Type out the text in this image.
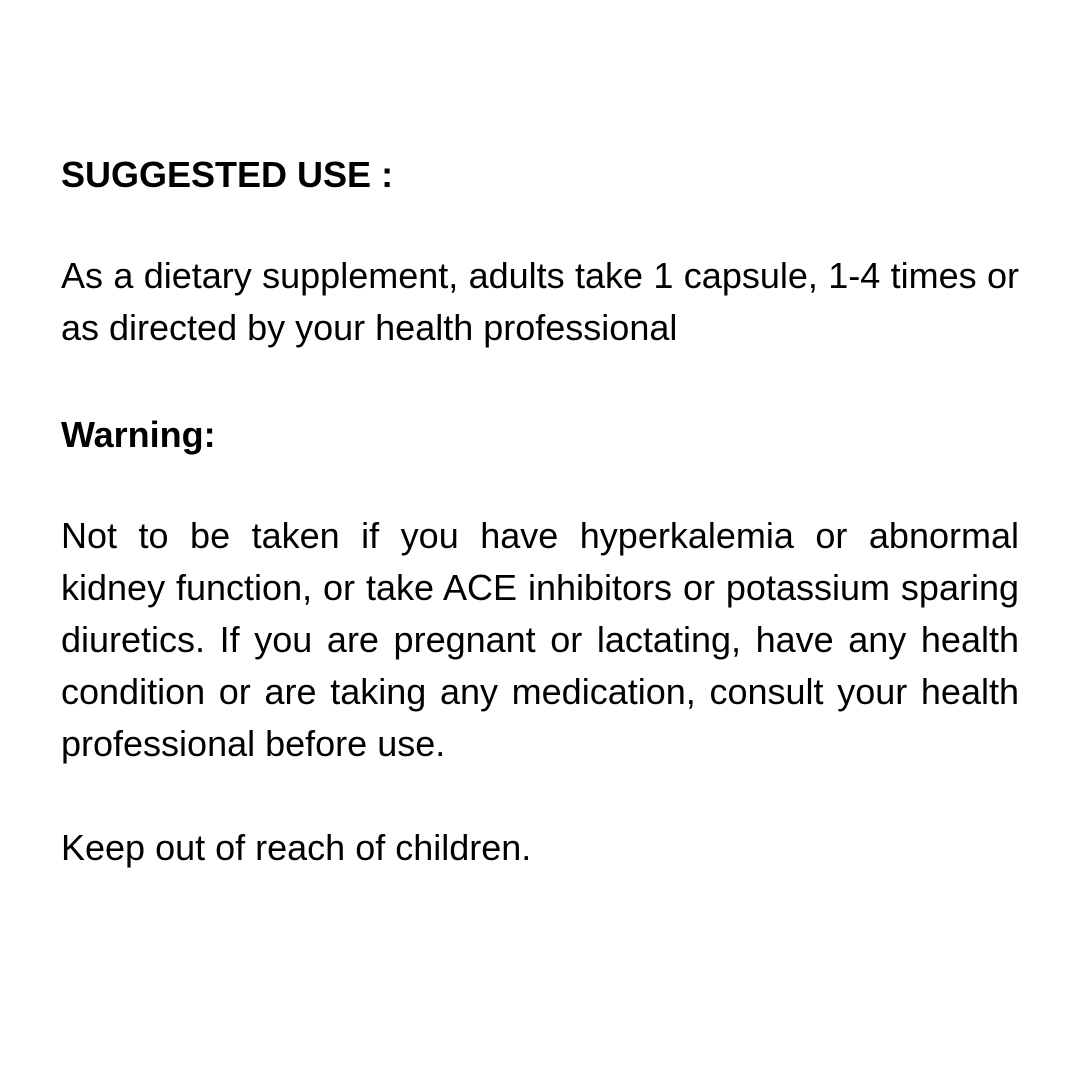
SUGGESTED USE :

As a dietary supplement, adults take 1 capsule, 1-4 times or as directed by your health professional

Warning:

Not to be taken if you have hyperkalemia or abnormal kidney function, or take ACE inhibitors or potassium sparing diuretics. If you are pregnant or lactating, have any health condition or are taking any medication, consult your health professional before use.

Keep out of reach of children.
